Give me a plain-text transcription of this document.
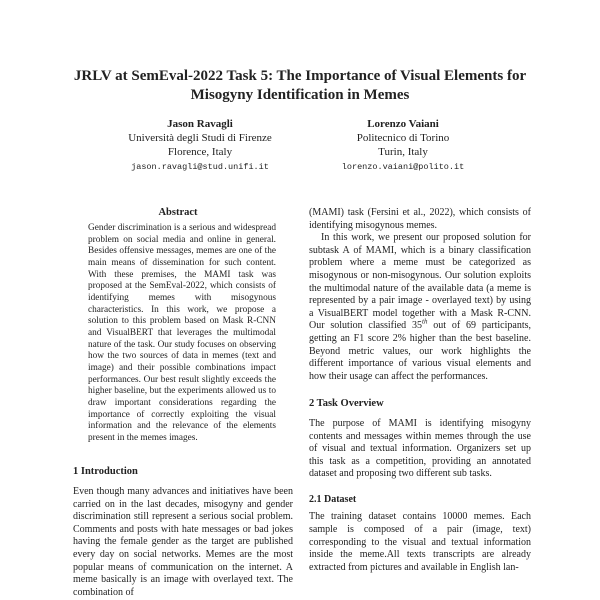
JRLV at SemEval-2022 Task 5: The Importance of Visual Elements for Misogyny Identification in Memes
Jason Ravagli
Università degli Studi di Firenze
Florence, Italy
jason.ravagli@stud.unifi.it
Lorenzo Vaiani
Politecnico di Torino
Turin, Italy
lorenzo.vaiani@polito.it
Abstract

Gender discrimination is a serious and widespread problem on social media and online in general. Besides offensive messages, memes are one of the main means of dissemination for such content. With these premises, the MAMI task was proposed at the SemEval-2022, which consists of identifying memes with misogynous characteristics. In this work, we propose a solution to this problem based on Mask R-CNN and VisualBERT that leverages the multimodal nature of the task. Our study focuses on observing how the two sources of data in memes (text and image) and their possible combinations impact performances. Our best result slightly exceeds the higher baseline, but the experiments allowed us to draw important considerations regarding the importance of correctly exploiting the visual information and the relevance of the elements present in the memes images.

1 Introduction
Even though many advances and initiatives have been carried on in the last decades, misogyny and gender discrimination still represent a serious social problem. Comments and posts with hate messages or bad jokes having the female gender as the target are published every day on social networks. Memes are the most popular means of communication on the internet. A meme basically is an image with overlayed text. The combination of

(MAMI) task (Fersini et al., 2022), which consists of identifying misogynous memes.

In this work, we present our proposed solution for subtask A of MAMI, which is a binary classification problem where a meme must be categorized as misogynous or non-misogynous. Our solution exploits the multimodal nature of the available data (a meme is represented by a pair image - overlayed text) by using a VisualBERT model together with a Mask R-CNN. Our solution classified 35th out of 69 participants, getting an F1 score 2% higher than the best baseline. Beyond metric values, our work highlights the different importance of various visual elements and how their usage can affect the performances.

2 Task Overview

The purpose of MAMI is identifying misogyny contents and messages within memes through the use of visual and textual information. Organizers set up this task as a competition, providing an annotated dataset and proposing two different sub tasks.

2.1 Dataset

The training dataset contains 10000 memes. Each sample is composed of a pair (image, text) corresponding to the visual and textual information inside the meme.All texts transcripts are already extracted from pictures and available in English lan-
